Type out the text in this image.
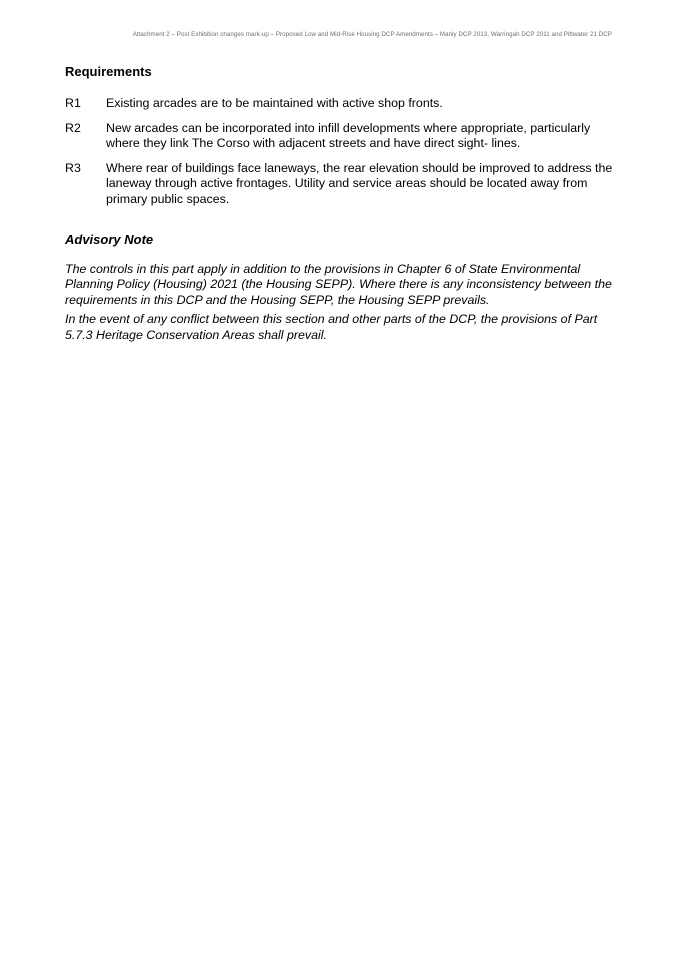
Attachment 2 – Post Exhibition changes mark-up – Proposed Low and Mid-Rise Housing DCP Amendments – Manly DCP 2013, Warringah DCP 2011 and Pittwater 21 DCP
Requirements
R1	Existing arcades are to be maintained with active shop fronts.
R2	New arcades can be incorporated into infill developments where appropriate, particularly where they link The Corso with adjacent streets and have direct sight- lines.
R3	Where rear of buildings face laneways, the rear elevation should be improved to address the laneway through active frontages. Utility and service areas should be located away from primary public spaces.
Advisory Note

The controls in this part apply in addition to the provisions in Chapter 6 of State Environmental Planning Policy (Housing) 2021 (the Housing SEPP). Where there is any inconsistency between the requirements in this DCP and the Housing SEPP, the Housing SEPP prevails.

In the event of any conflict between this section and other parts of the DCP, the provisions of Part 5.7.3 Heritage Conservation Areas shall prevail.
